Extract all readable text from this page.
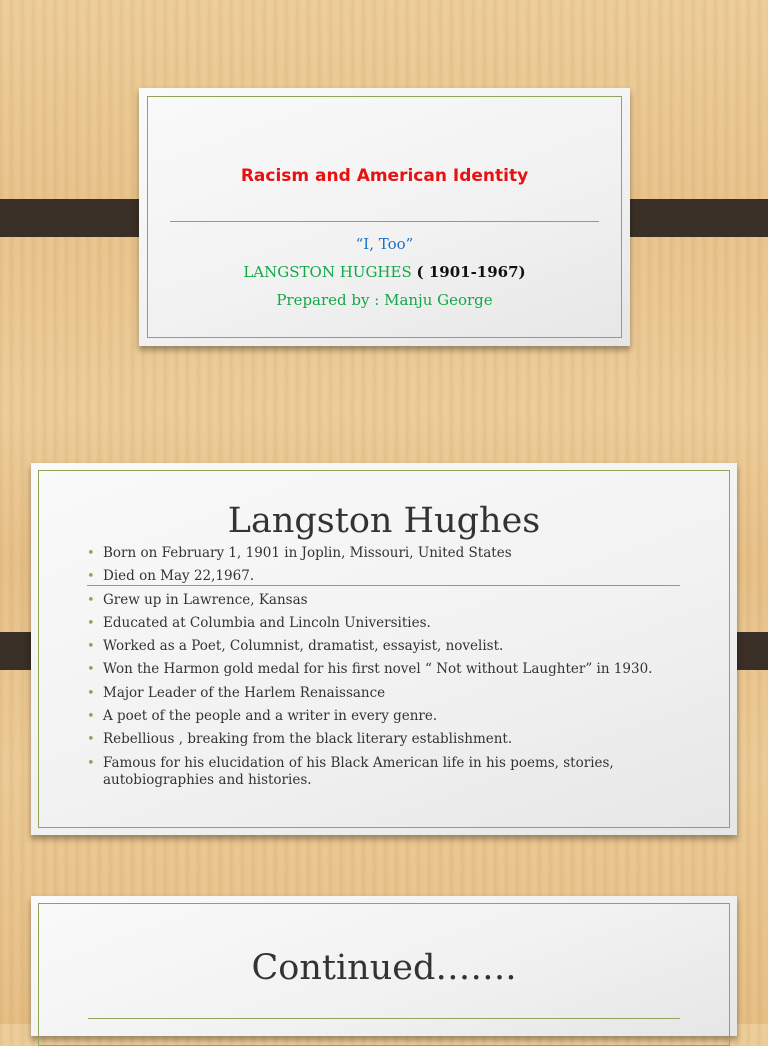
Racism and American Identity
“I, Too”
LANGSTON HUGHES ( 1901-1967)
Prepared by : Manju George
Langston Hughes
• Born on February 1, 1901 in Joplin, Missouri, United States
• Died on May 22,1967.
• Grew up in Lawrence, Kansas
• Educated at Columbia and Lincoln Universities.
• Worked as a Poet, Columnist, dramatist, essayist, novelist.
• Won the Harmon gold medal for his first novel “ Not without Laughter” in 1930.
• Major Leader of the Harlem Renaissance
• A poet of the people and a writer in every genre.
• Rebellious , breaking from the black literary establishment.
• Famous for his elucidation of his Black American life in his poems, stories, autobiographies and histories.
Continued…….
